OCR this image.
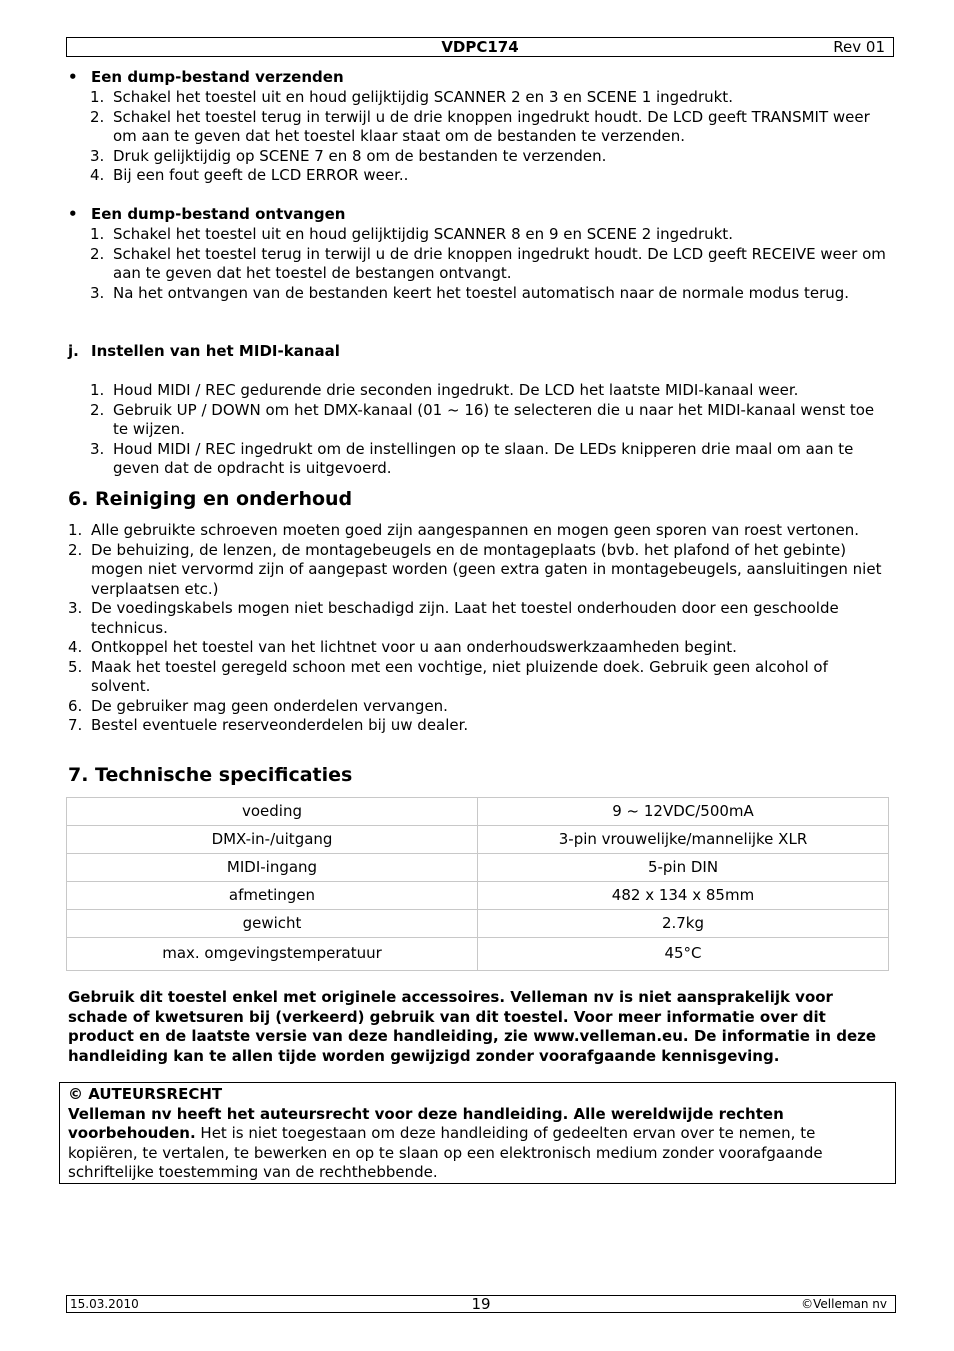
VDPC174	Rev 01
• Een dump-bestand verzenden
1. Schakel het toestel uit en houd gelijktijdig SCANNER 2 en 3 en SCENE 1 ingedrukt.
2. Schakel het toestel terug in terwijl u de drie knoppen ingedrukt houdt. De LCD geeft TRANSMIT weer om aan te geven dat het toestel klaar staat om de bestanden te verzenden.
3. Druk gelijktijdig op SCENE 7 en 8 om de bestanden te verzenden.
4. Bij een fout geeft de LCD ERROR weer..
• Een dump-bestand ontvangen
1. Schakel het toestel uit en houd gelijktijdig SCANNER 8 en 9 en SCENE 2 ingedrukt.
2. Schakel het toestel terug in terwijl u de drie knoppen ingedrukt houdt. De LCD geeft RECEIVE weer om aan te geven dat het toestel de bestangen ontvangt.
3. Na het ontvangen van de bestanden keert het toestel automatisch naar de normale modus terug.
j. Instellen van het MIDI-kanaal
1. Houd MIDI / REC gedurende drie seconden ingedrukt. De LCD het laatste MIDI-kanaal weer.
2. Gebruik UP / DOWN om het DMX-kanaal (01 ~ 16) te selecteren die u naar het MIDI-kanaal wenst toe te wijzen.
3. Houd MIDI / REC ingedrukt om de instellingen op te slaan. De LEDs knipperen drie maal om aan te geven dat de opdracht is uitgevoerd.
6. Reiniging en onderhoud
1. Alle gebruikte schroeven moeten goed zijn aangespannen en mogen geen sporen van roest vertonen.
2. De behuizing, de lenzen, de montagebeugels en de montageplaats (bvb. het plafond of het gebinte) mogen niet vervormd zijn of aangepast worden (geen extra gaten in montagebeugels, aansluitingen niet verplaatsen etc.)
3. De voedingskabels mogen niet beschadigd zijn. Laat het toestel onderhouden door een geschoolde technicus.
4. Ontkoppel het toestel van het lichtnet voor u aan onderhoudswerkzaamheden begint.
5. Maak het toestel geregeld schoon met een vochtige, niet pluizende doek. Gebruik geen alcohol of solvent.
6. De gebruiker mag geen onderdelen vervangen.
7. Bestel eventuele reserveonderdelen bij uw dealer.
7. Technische specificaties
voeding	9 ~ 12VDC/500mA
DMX-in-/uitgang	3-pin vrouwelijke/mannelijke XLR
MIDI-ingang	5-pin DIN
afmetingen	482 x 134 x 85mm
gewicht	2.7kg
max. omgevingstemperatuur	45°C
Gebruik dit toestel enkel met originele accessoires. Velleman nv is niet aansprakelijk voor schade of kwetsuren bij (verkeerd) gebruik van dit toestel. Voor meer informatie over dit product en de laatste versie van deze handleiding, zie www.velleman.eu. De informatie in deze handleiding kan te allen tijde worden gewijzigd zonder voorafgaande kennisgeving.
© AUTEURSRECHT
Velleman nv heeft het auteursrecht voor deze handleiding. Alle wereldwijde rechten voorbehouden. Het is niet toegestaan om deze handleiding of gedeelten ervan over te nemen, te kopiëren, te vertalen, te bewerken en op te slaan op een elektronisch medium zonder voorafgaande schriftelijke toestemming van de rechthebbende.
15.03.2010	19	©Velleman nv
